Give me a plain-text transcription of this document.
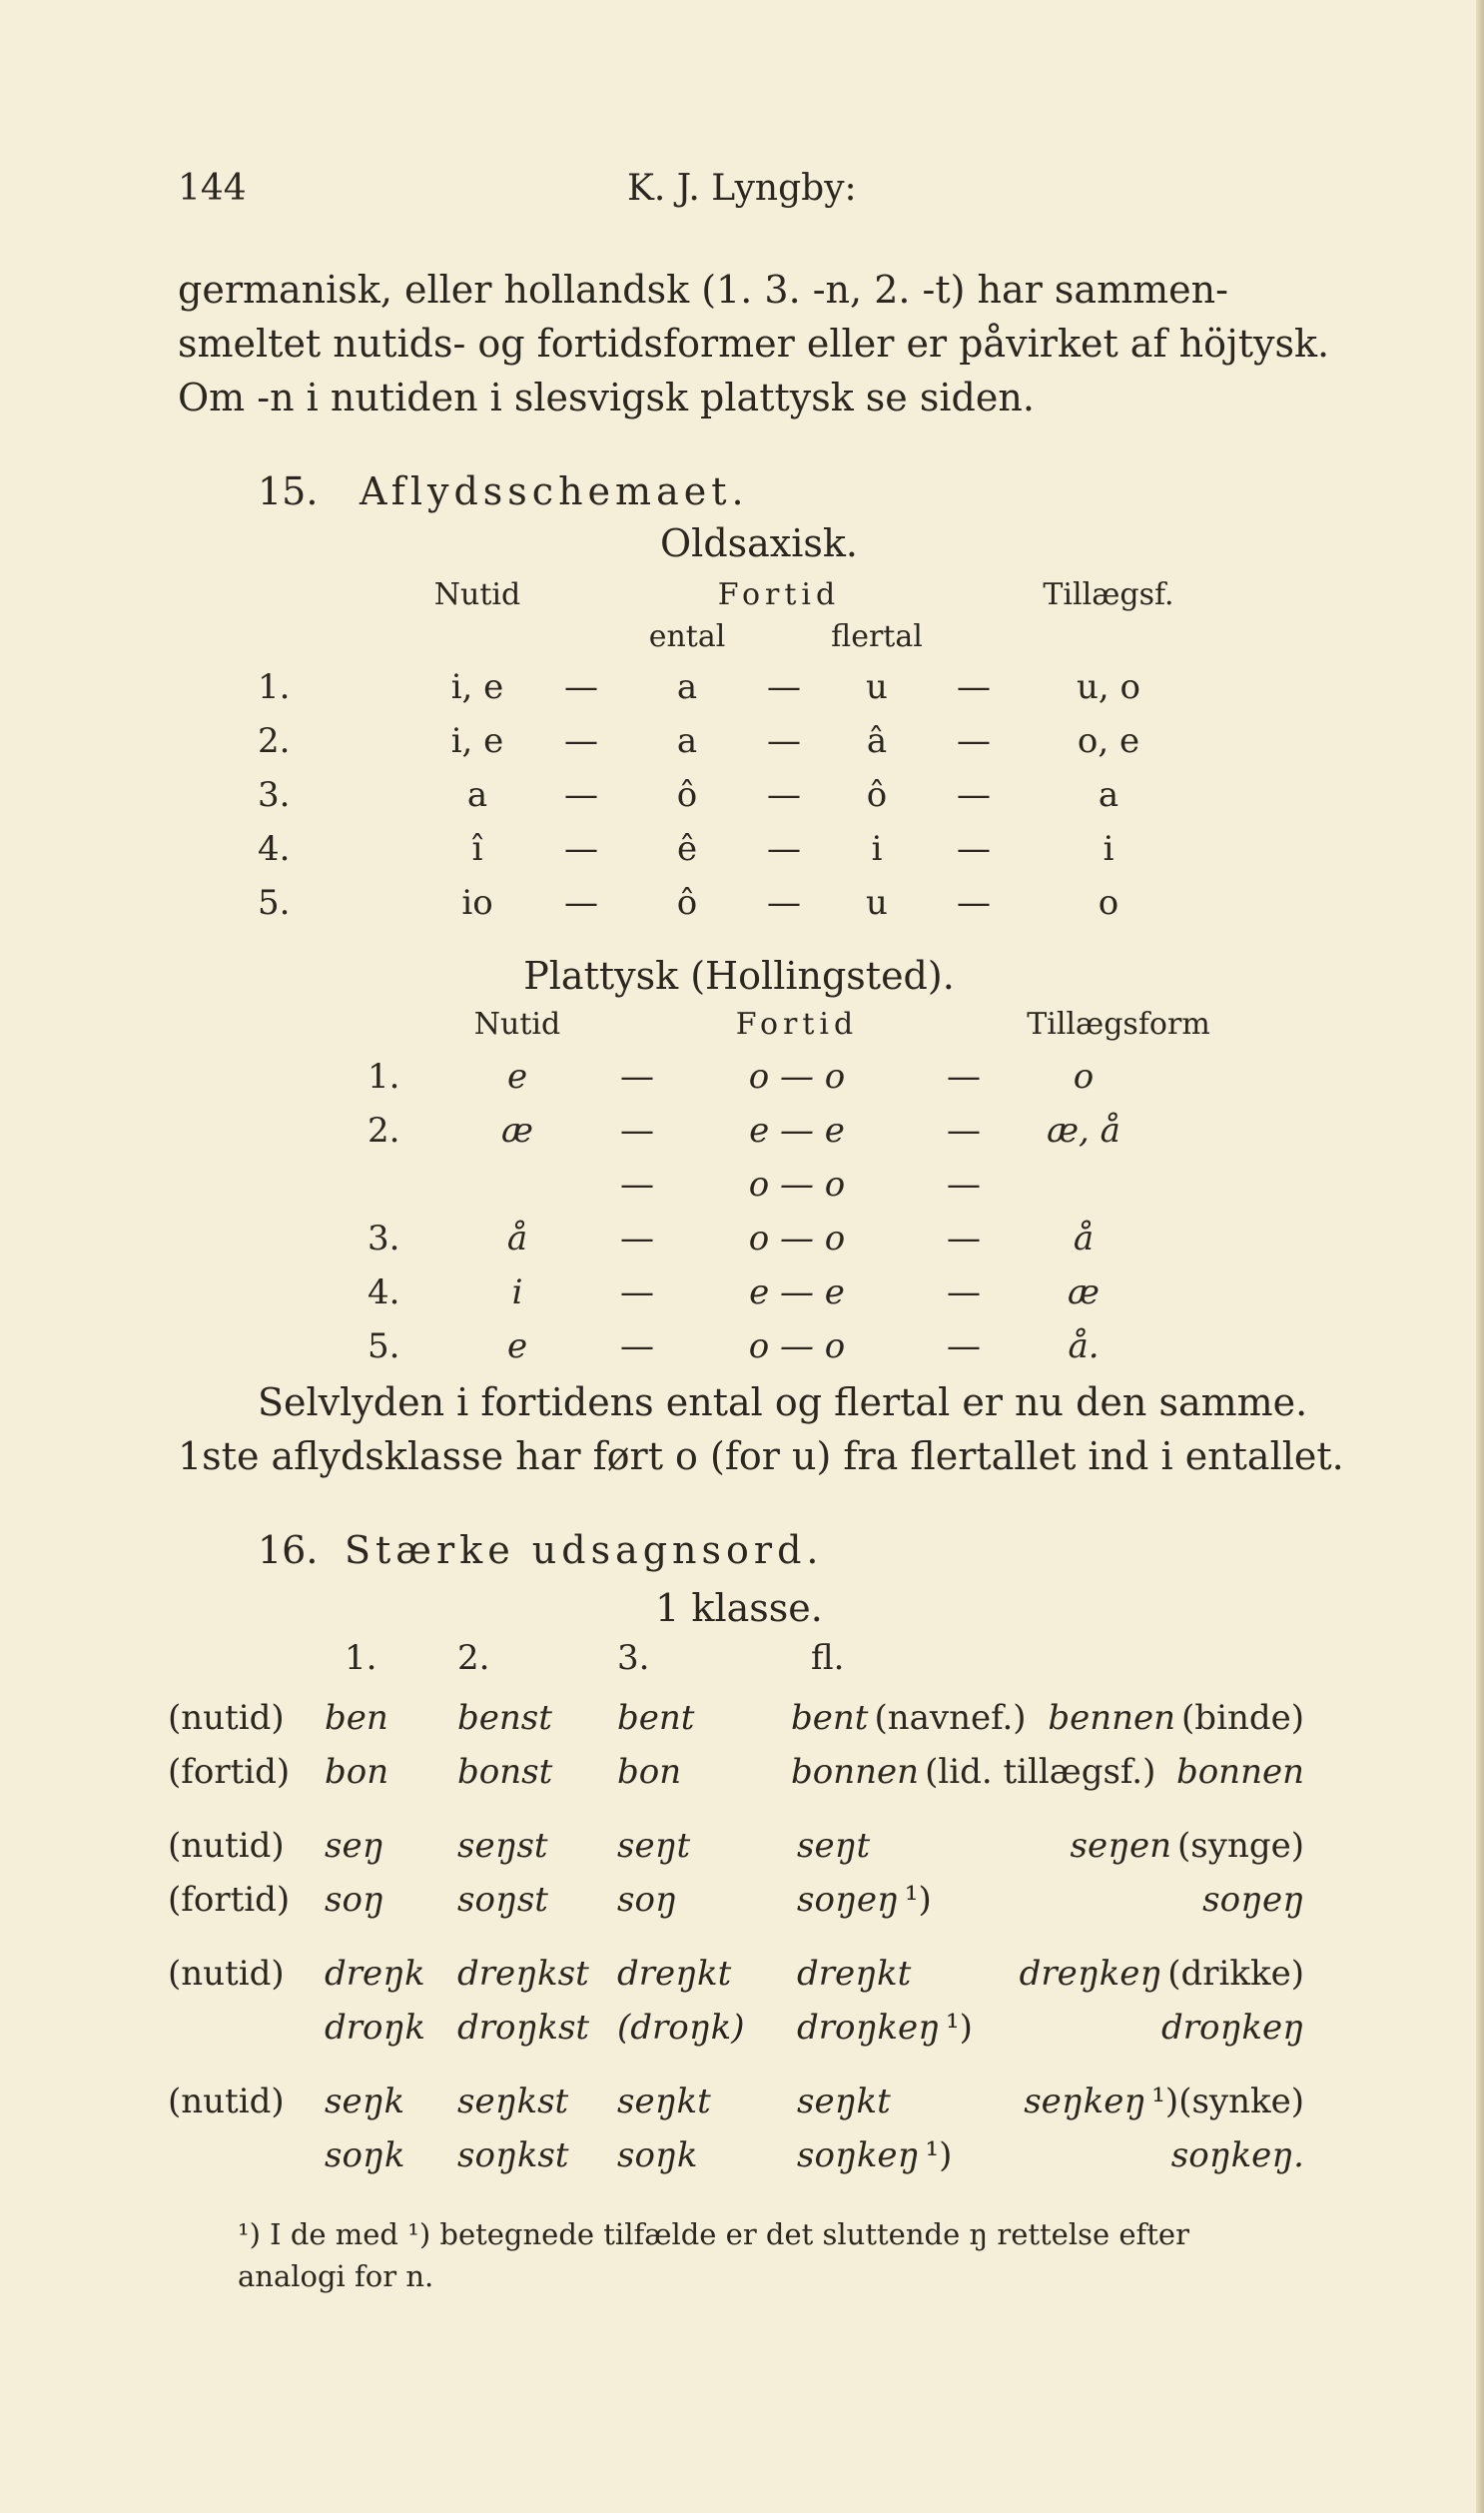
144	K. J. Lyngby:
germanisk, eller hollandsk (1. 3. -n, 2. -t) har sammen-
smeltet nutids- og fortidsformer eller er påvirket af höjtysk.
Om -n i nutiden i slesvigsk plattysk se siden.
15. Aflydsschemaet.
Oldsaxisk.
Nutid	Fortid	Tillægsf.
ental	flertal
1.	i, e — a — u —	u, o
2.	i, e — a — â —	o, e
3.	a — ô — ô —	a
4.	î — ê — i —	i
5.	io — ô — u —	o
Plattysk (Hollingsted).
Nutid	Fortid	Tillægsform
1.	e	—	o — o	—	o
2.	æ	—	e — e	— æ, å
—	o — o	—
3.	å	—	o — o	—	å
4.	i	—	e — e	—	æ
5.	e	—	o — o	—	å.
Selvlyden i fortidens ental og flertal er nu den samme.
1ste aflydsklasse har ført o (for u) fra flertallet ind i entallet.
16. Stærke udsagnsord.
1 klasse.
1. 2.	3.	fl.
(nutid) ben benst bent	bent (navnef.) bennen (binde)
(fortid) bon bonst bon	bonnen (lid. tillægsf.) bonnen
(nutid) seŋ seŋst seŋt	seŋt	seŋen (synge)
(fortid) soŋ soŋst soŋ	soŋeŋ ¹)	soŋeŋ
(nutid) dreŋk dreŋkst dreŋkt dreŋkt	dreŋkeŋ (drikke)
droŋk droŋkst (droŋk) droŋkeŋ ¹)	droŋkeŋ
(nutid) seŋk seŋkst seŋkt	seŋkt	seŋkeŋ ¹)(synke)
soŋk soŋkst soŋk	soŋkeŋ ¹)	soŋkeŋ.
¹) I de med ¹) betegnede tilfælde er det sluttende ŋ rettelse efter
analogi for n.
